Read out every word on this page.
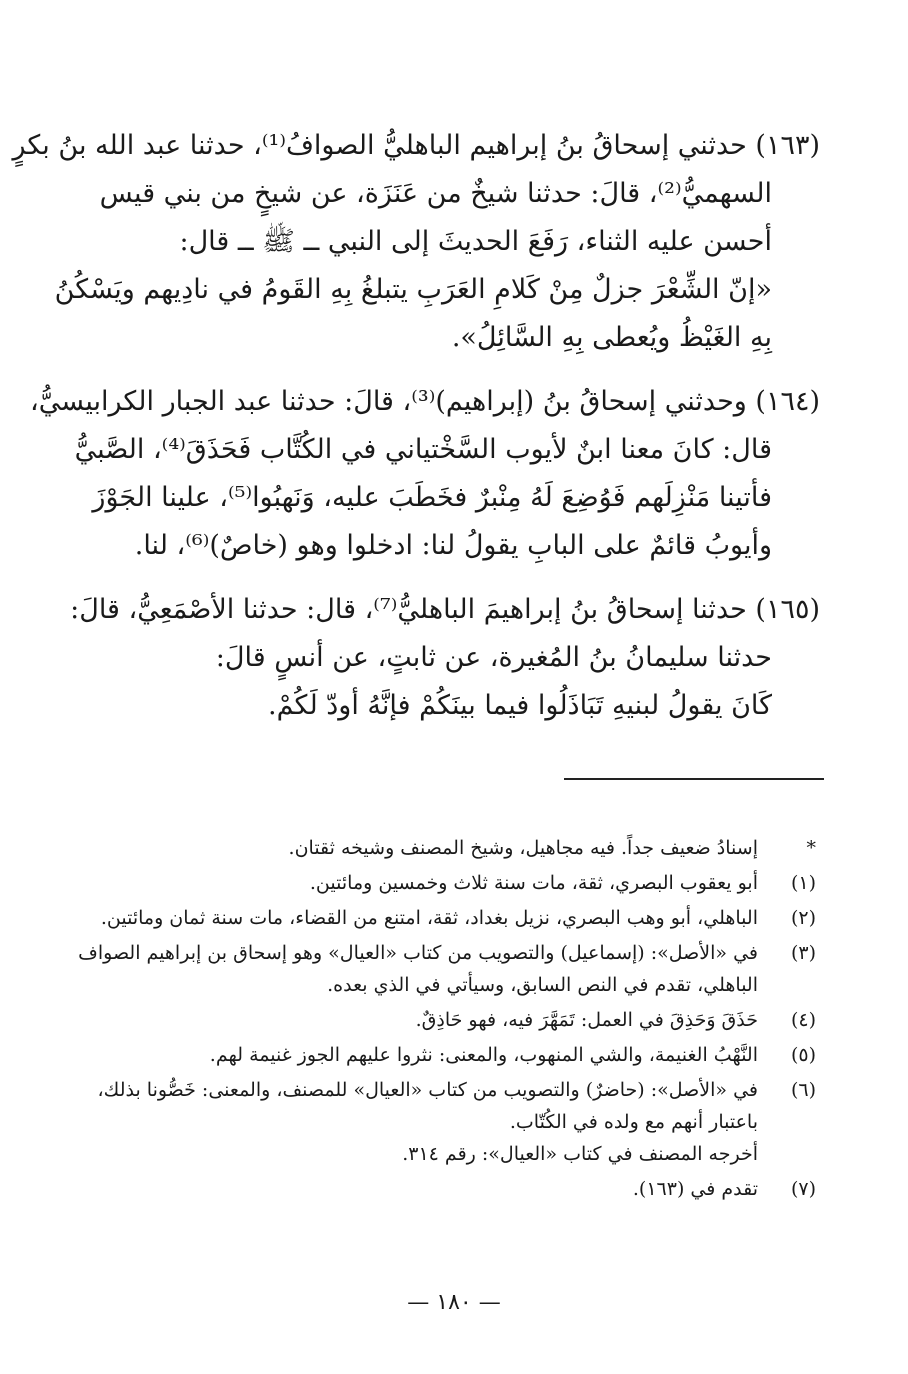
(١٦٣) حدثني إسحاقُ بنُ إبراهيم الباهليُّ الصوافُ⁽¹⁾، حدثنا عبد الله بنُ بكرٍ
السهميُّ⁽²⁾، قالَ: حدثنا شيخٌ من عَنَزَة، عن شيخٍ من بني قيس
أحسن عليه الثناء، رَفَعَ الحديثَ إلى النبي ــ ﷺ ــ قال:
«إنّ الشِّعْرَ جزلٌ مِنْ كَلامِ العَرَبِ يتبلغُ بِهِ القَومُ في نادِيهم ويَسْكُنُ
بِهِ الغَيْظُ ويُعطى بِهِ السَّائِلُ».
(١٦٤) وحدثني إسحاقُ بنُ (إبراهيم)⁽³⁾، قالَ: حدثنا عبد الجبار الكرابيسيُّ،
قال: كانَ معنا ابنٌ لأيوب السَّخْتياني في الكُتَّاب فَحَذَقَ⁽⁴⁾، الصَّبيُّ
فأتينا مَنْزِلَهم فَوُضِعَ لَهُ مِنْبرٌ فخَطَبَ عليه، وَنَهبُوا⁽⁵⁾، علينا الجَوْزَ
وأيوبُ قائمٌ على البابِ يقولُ لنا: ادخلوا وهو (خاصٌ)⁽⁶⁾، لنا.
(١٦٥) حدثنا إسحاقُ بنُ إبراهيمَ الباهليُّ⁽⁷⁾، قال: حدثنا الأصْمَعِيُّ، قالَ:
حدثنا سليمانُ بنُ المُغيرة، عن ثابتٍ، عن أنسٍ قالَ:
كَانَ يقولُ لبنيهِ تَبَاذَلُوا فيما بينَكُمْ فإنَّهُ أودّ لَكُمْ.
*
إسنادُ ضعيف جداً. فيه مجاهيل، وشيخ المصنف وشيخه ثقتان.
(١)
أبو يعقوب البصري، ثقة، مات سنة ثلاث وخمسين ومائتين.
(٢)
الباهلي، أبو وهب البصري، نزيل بغداد، ثقة، امتنع من القضاء، مات سنة ثمان ومائتين.
(٣)
في «الأصل»: (إسماعيل) والتصويب من كتاب «العيال» وهو إسحاق بن إبراهيم الصواف
الباهلي، تقدم في النص السابق، وسيأتي في الذي بعده.
(٤)
حَذَقَ وَحَذِقَ في العمل: تَمَهَّرَ فيه، فهو حَاذِقٌ.
(٥)
النَّهْبُ الغنيمة، والشي المنهوب، والمعنى: نثروا عليهم الجوز غنيمة لهم.
(٦)
في «الأصل»: (حاضرٌ) والتصويب من كتاب «العيال» للمصنف، والمعنى: خَصُّونا بذلك،
باعتبار أنهم مع ولده في الكُتّاب.
أخرجه المصنف في كتاب «العيال»: رقم ٣١٤.
(٧)
تقدم في (١٦٣).
— ١٨٠ —
